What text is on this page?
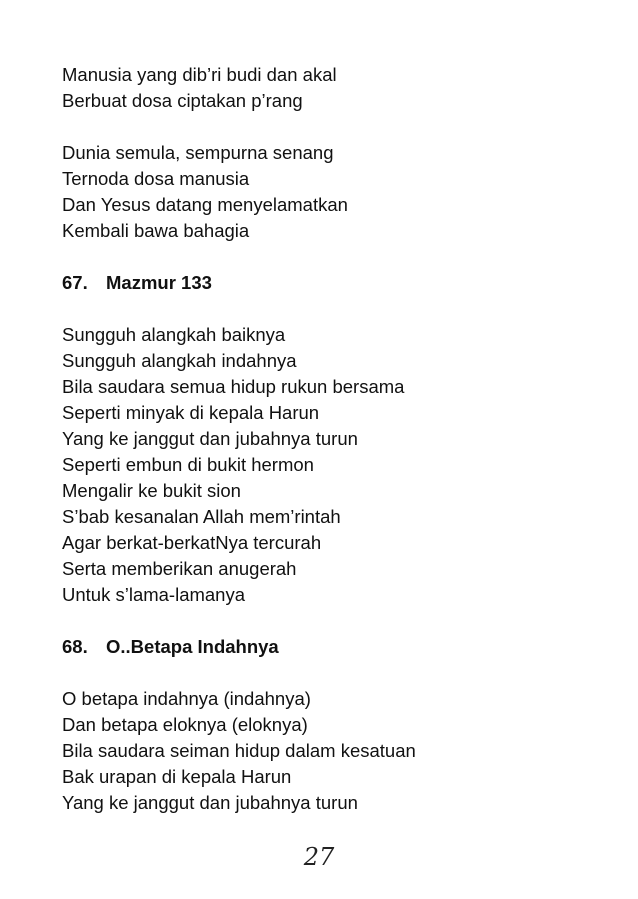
Manusia yang dib’ri budi dan akal
Berbuat dosa ciptakan p’rang
Dunia semula, sempurna senang
Ternoda dosa manusia
Dan Yesus datang menyelamatkan
Kembali bawa bahagia
67. Mazmur 133
Sungguh alangkah baiknya
Sungguh alangkah indahnya
Bila saudara semua hidup rukun bersama
Seperti minyak di kepala Harun
Yang ke janggut dan jubahnya turun
Seperti embun di bukit hermon
Mengalir ke bukit sion
S’bab kesanalan Allah mem’rintah
Agar berkat-berkatNya tercurah
Serta memberikan anugerah
Untuk s’lama-lamanya
68. O..Betapa Indahnya
O betapa indahnya (indahnya)
Dan betapa eloknya (eloknya)
Bila saudara seiman hidup dalam kesatuan
Bak urapan di kepala Harun
Yang ke janggut dan jubahnya turun
27
